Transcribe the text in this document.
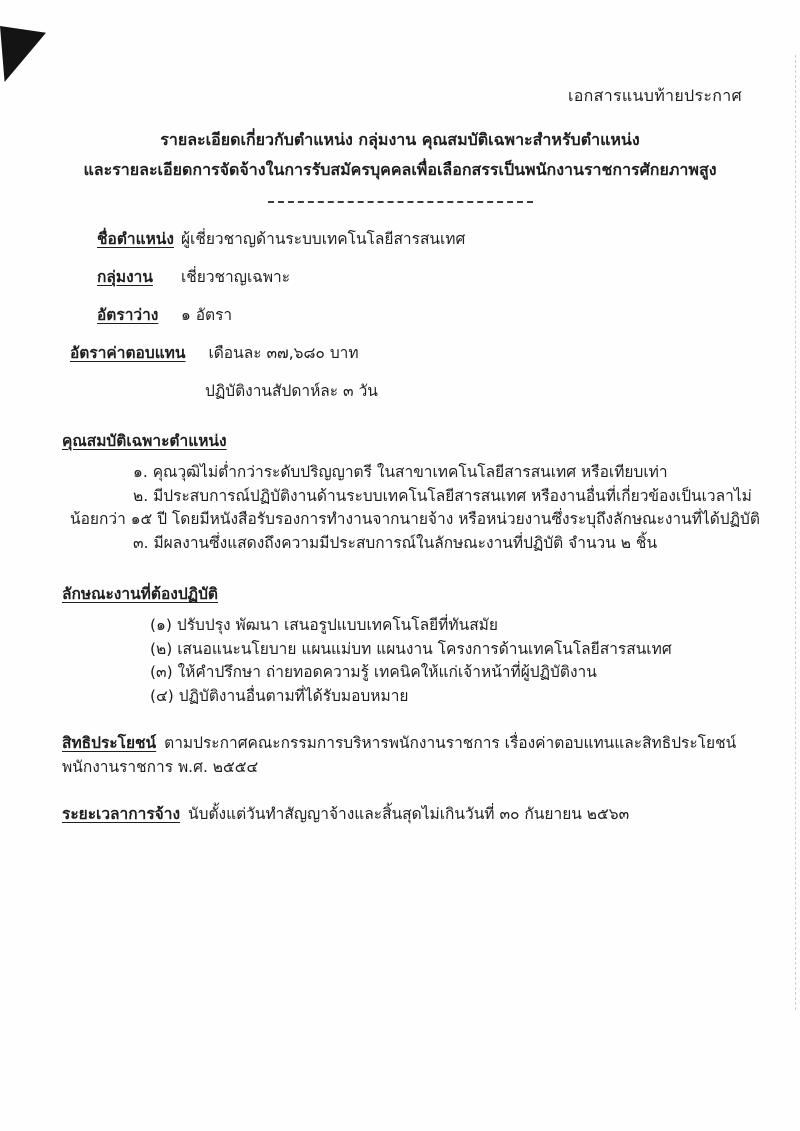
เอกสารแนบท้ายประกาศ
รายละเอียดเกี่ยวกับตำแหน่ง กลุ่มงาน คุณสมบัติเฉพาะสำหรับตำแหน่ง
และรายละเอียดการจัดจ้างในการรับสมัครบุคคลเพื่อเลือกสรรเป็นพนักงานราชการศักยภาพสูง
ชื่อตำแหน่ง ผู้เชี่ยวชาญด้านระบบเทคโนโลยีสารสนเทศ
กลุ่มงาน เชี่ยวชาญเฉพาะ
อัตราว่าง ๑ อัตรา
อัตราค่าตอบแทน เดือนละ ๓๗,๖๘๐ บาท
ปฏิบัติงานสัปดาห์ละ ๓ วัน
คุณสมบัติเฉพาะตำแหน่ง
๑. คุณวุฒิไม่ต่ำกว่าระดับปริญญาตรี ในสาขาเทคโนโลยีสารสนเทศ หรือเทียบเท่า
๒. มีประสบการณ์ปฏิบัติงานด้านระบบเทคโนโลยีสารสนเทศ หรืองานอื่นที่เกี่ยวข้องเป็นเวลาไม่น้อยกว่า ๑๕ ปี โดยมีหนังสือรับรองการทำงานจากนายจ้าง หรือหน่วยงานซึ่งระบุถึงลักษณะงานที่ได้ปฏิบัติ
๓. มีผลงานซึ่งแสดงถึงความมีประสบการณ์ในลักษณะงานที่ปฏิบัติ จำนวน ๒ ชิ้น
ลักษณะงานที่ต้องปฏิบัติ
(๑) ปรับปรุง พัฒนา เสนอรูปแบบเทคโนโลยีที่ทันสมัย
(๒) เสนอแนะนโยบาย แผนแม่บท แผนงาน โครงการด้านเทคโนโลยีสารสนเทศ
(๓) ให้คำปรึกษา ถ่ายทอดความรู้ เทคนิคให้แก่เจ้าหน้าที่ผู้ปฏิบัติงาน
(๔) ปฏิบัติงานอื่นตามที่ได้รับมอบหมาย
สิทธิประโยชน์ ตามประกาศคณะกรรมการบริหารพนักงานราชการ เรื่องค่าตอบแทนและสิทธิประโยชน์พนักงานราชการ พ.ศ. ๒๕๕๔
ระยะเวลาการจ้าง นับตั้งแต่วันทำสัญญาจ้างและสิ้นสุดไม่เกินวันที่ ๓๐ กันยายน ๒๕๖๓
